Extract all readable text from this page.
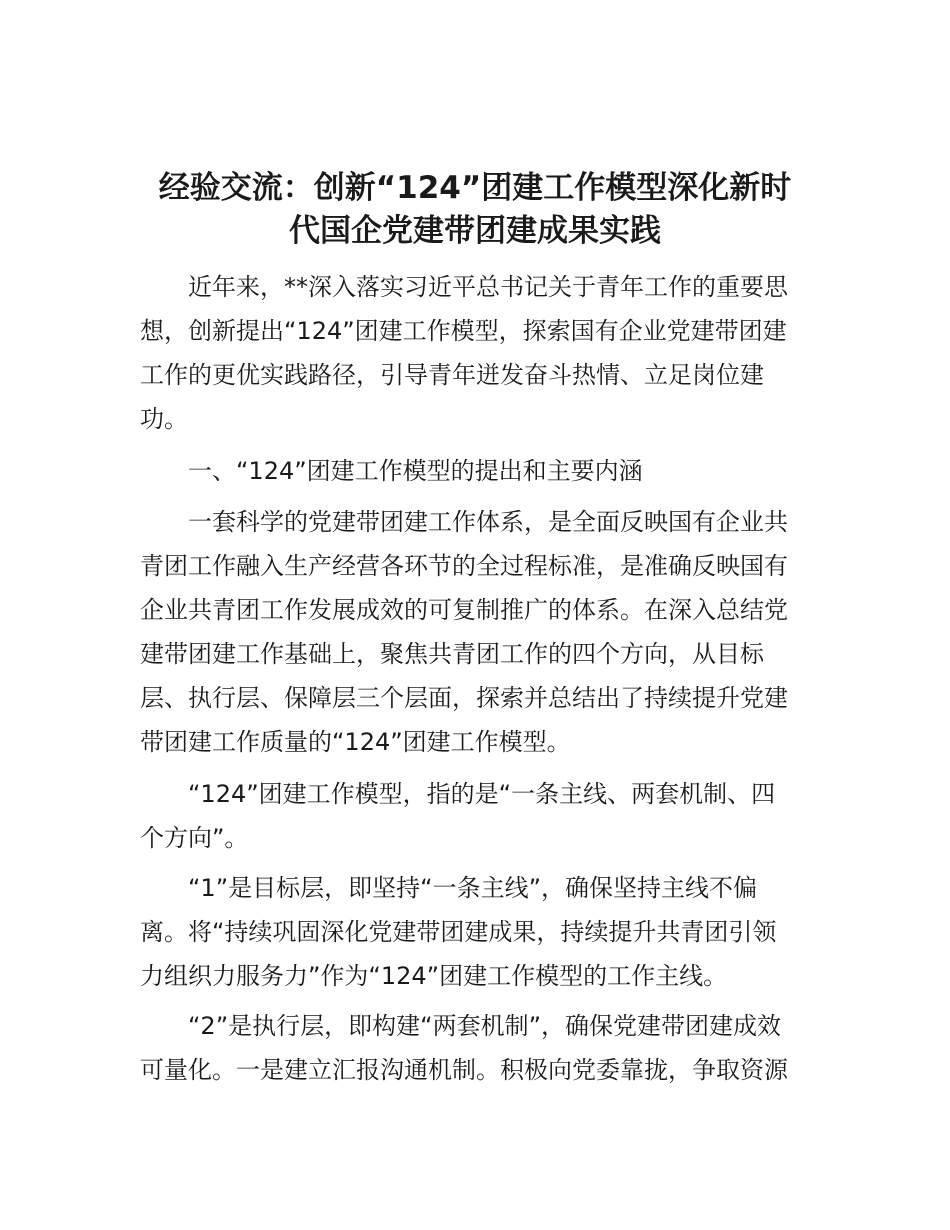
经验交流：创新“124”团建工作模型深化新时
代国企党建带团建成果实践

近年来，**深入落实习近平总书记关于青年工作的重要思
想，创新提出“124”团建工作模型，探索国有企业党建带团建
工作的更优实践路径，引导青年迸发奋斗热情、立足岗位建
功。

一、“124”团建工作模型的提出和主要内涵

一套科学的党建带团建工作体系，是全面反映国有企业共
青团工作融入生产经营各环节的全过程标准，是准确反映国有
企业共青团工作发展成效的可复制推广的体系。在深入总结党
建带团建工作基础上，聚焦共青团工作的四个方向，从目标
层、执行层、保障层三个层面，探索并总结出了持续提升党建
带团建工作质量的“124”团建工作模型。

“124”团建工作模型，指的是“一条主线、两套机制、四
个方向”。

“1”是目标层，即坚持“一条主线”，确保坚持主线不偏
离。将“持续巩固深化党建带团建成果，持续提升共青团引领
力组织力服务力”作为“124”团建工作模型的工作主线。

“2”是执行层，即构建“两套机制”，确保党建带团建成效
可量化。一是建立汇报沟通机制。积极向党委靠拢，争取资源
